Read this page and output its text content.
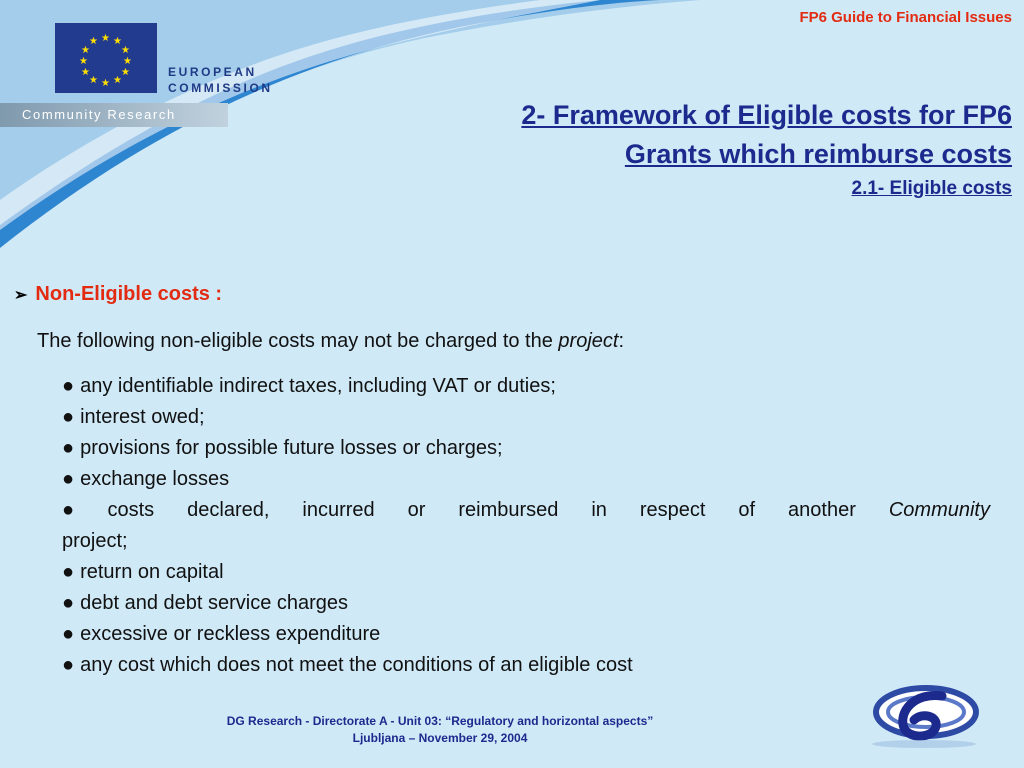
FP6 Guide to Financial Issues
★ ★
★
★
★
★
★
★
★
★
★
★
EUROPEAN
COMMISSION
Community Research	2- Framework of Eligible costs for FP6
Grants which reimburse costs
2.1- Eligible costs
➢ Non-Eligible costs :
The following non-eligible costs may not be charged to the project:
● any identifiable indirect taxes, including VAT or duties;
● interest owed;
● provisions for possible future losses or charges;
● exchange losses
● costs declared, incurred or reimbursed in respect of another Community
project;
● return on capital
● debt and debt service charges
● excessive or reckless expenditure
● any cost which does not meet the conditions of an eligible cost
DG Research - Directorate A - Unit 03: “Regulatory and horizontal aspects”
Ljubljana – November 29, 2004
